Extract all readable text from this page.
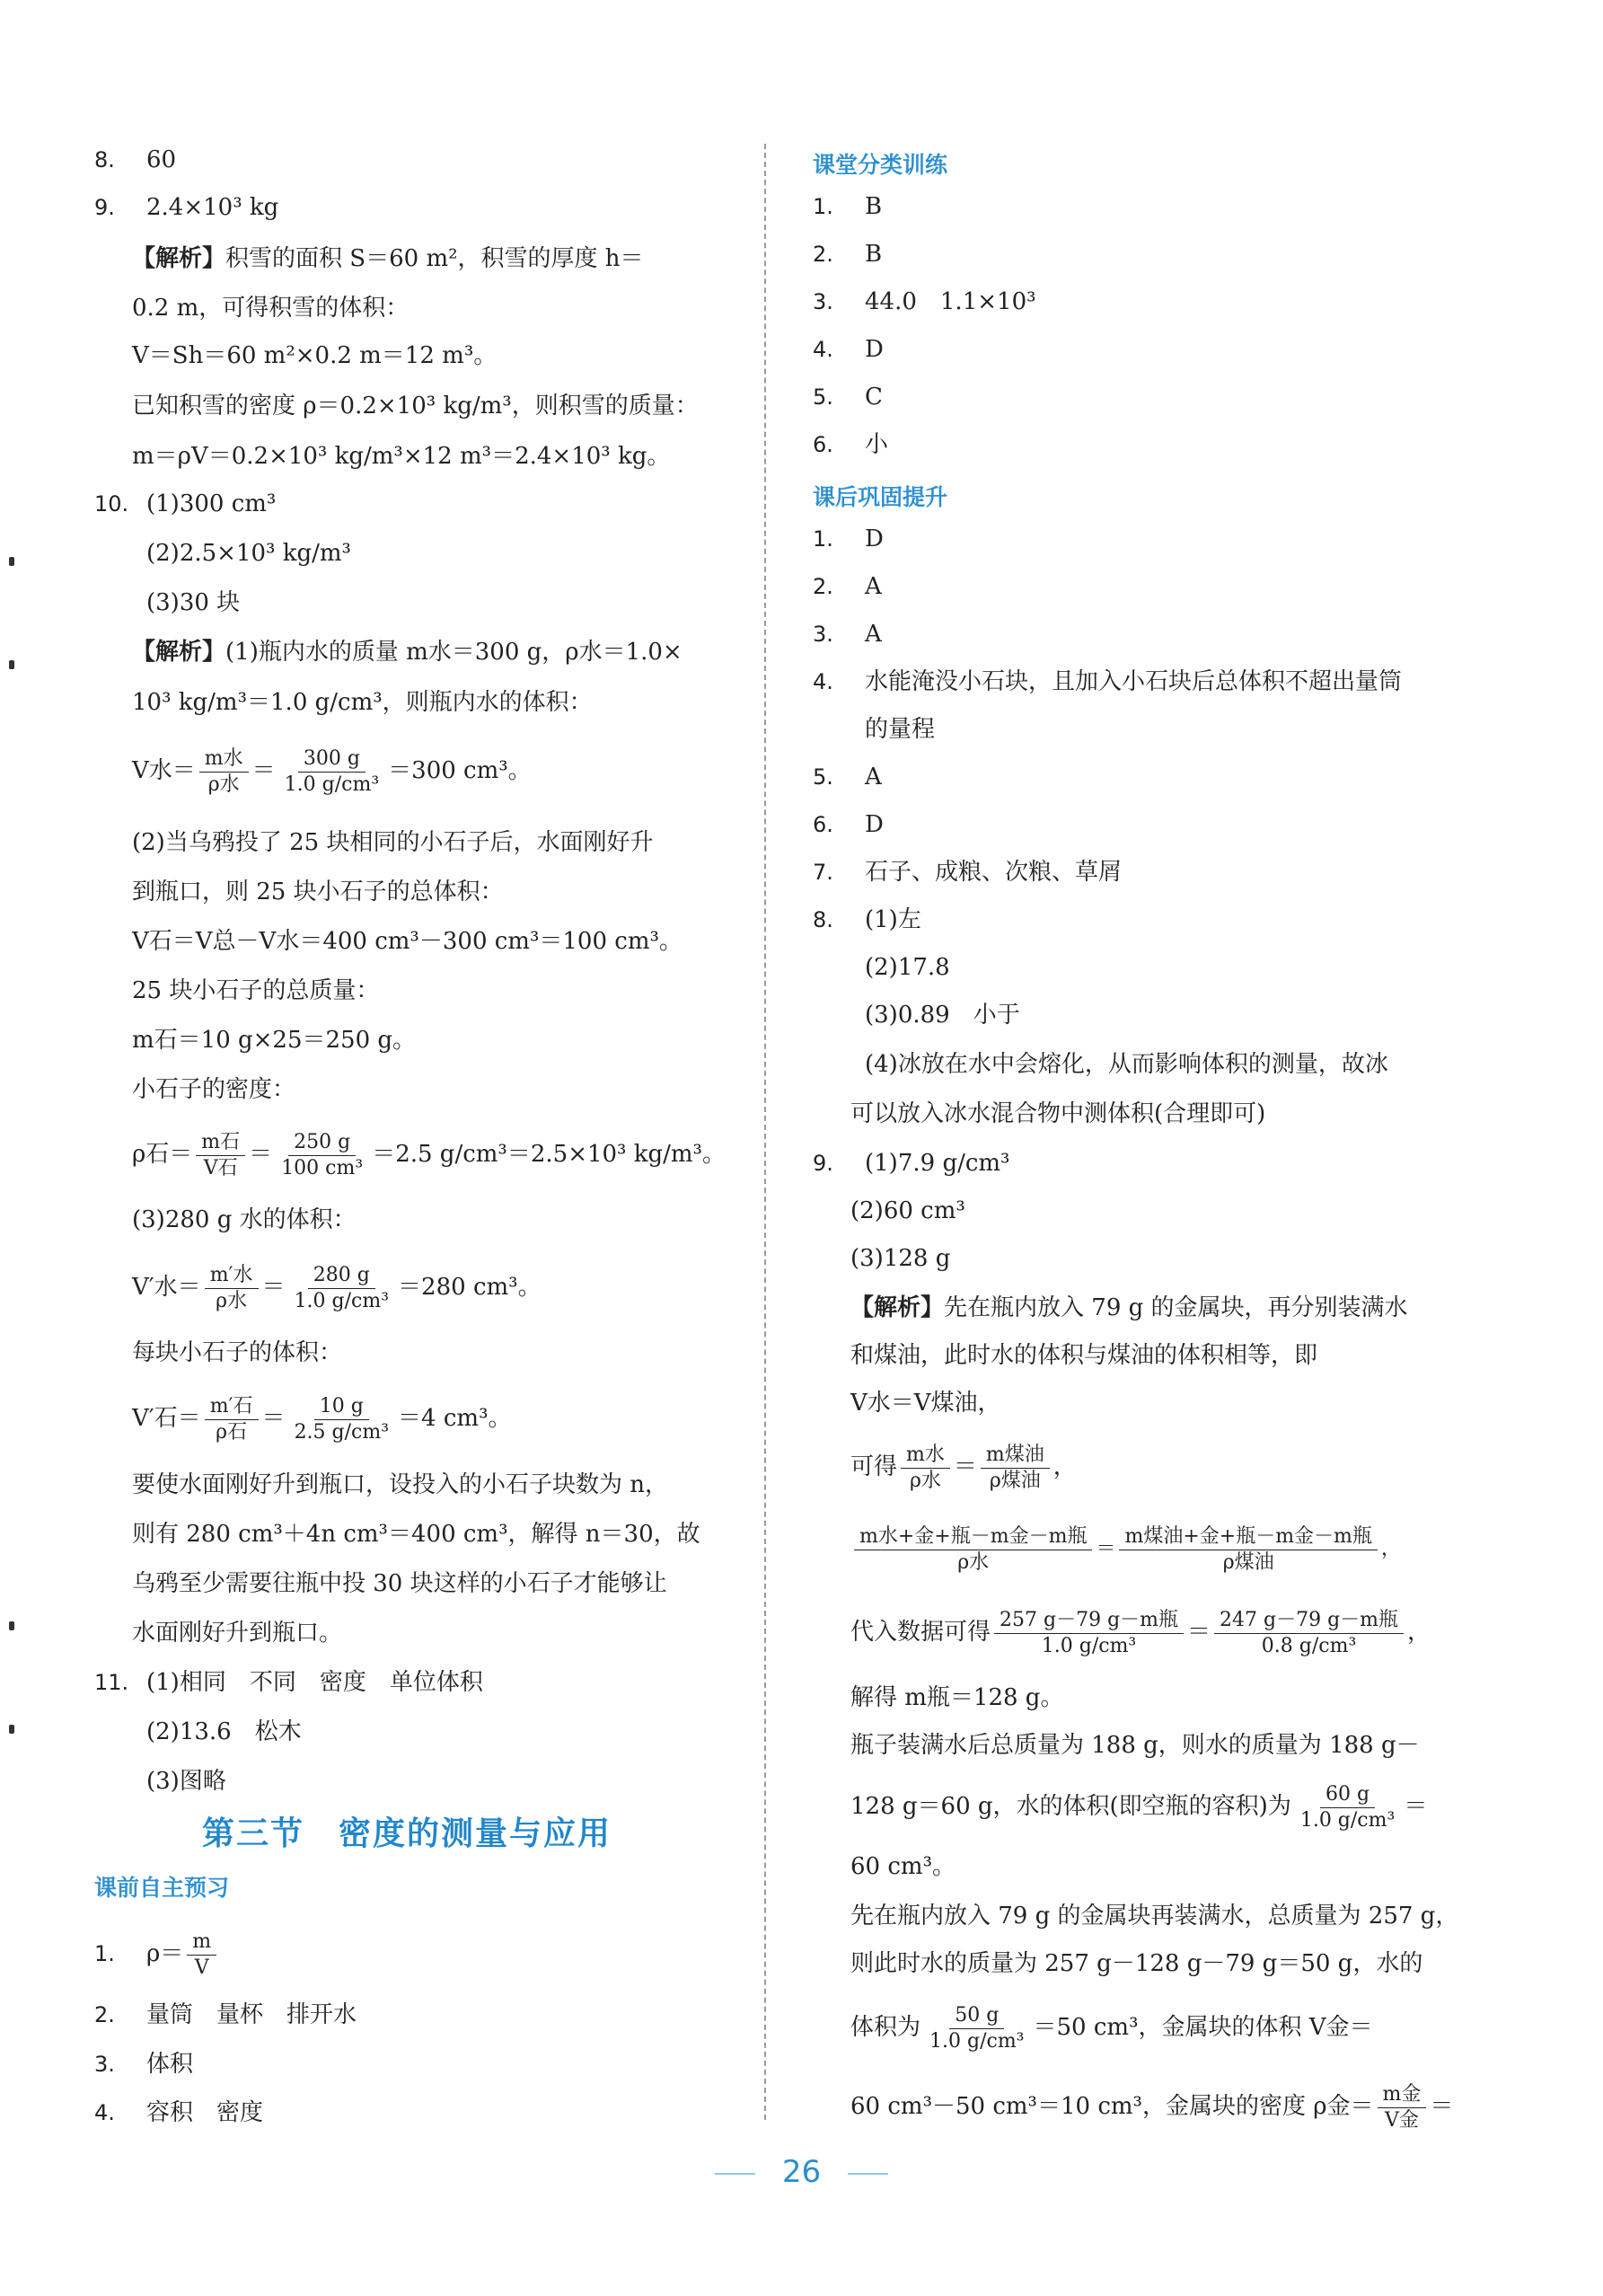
8. 60
9. 2.4×10³ kg
【解析】积雪的面积 S＝60 m²，积雪的厚度 h＝
0.2 m，可得积雪的体积：
V＝Sh＝60 m²×0.2 m＝12 m³。
已知积雪的密度 ρ＝0.2×10³ kg/m³，则积雪的质量：
m＝ρV＝0.2×10³ kg/m³×12 m³＝2.4×10³ kg。
10. (1)300 cm³
(2)2.5×10³ kg/m³
(3)30 块
【解析】(1)瓶内水的质量 m水＝300 g，ρ水＝1.0×
10³ kg/m³＝1.0 g/cm³，则瓶内水的体积：
V水＝ $\frac{\text{m水}}{\text{ρ水}} = \frac{300 g}{\text{1.0 g/cm³}} =300$ cm³。
(2)当乌鸦投了 25 块相同的小石子后，水面刚好升
到瓶口，则 25 块小石子的总体积：
V石＝V总－V水＝400 cm³－300 cm³＝100 cm³。
25 块小石子的总质量：
m石＝10 g×25＝250 g。
小石子的密度：
ρ石＝ $\frac{\text{m石}}{\text{V石}} = \frac{250 g}{\text{100 cm³}} =2.5$ g/cm³＝2.5×10³ kg/m³。
(3)280 g 水的体积：
V′水＝ $\frac{\text{m′水}}{\text{ρ水}} = \frac{280 g}{\text{1.0 g/cm³}} =280$ cm³。
每块小石子的体积：
V′石＝ $\frac{\text{m′石}}{\text{ρ石}} = \frac{10 g}{\text{2.5 g/cm³}} =4$ cm³。
要使水面刚好升到瓶口，设投入的小石子块数为 n，
则有 280 cm³＋4n cm³＝400 cm³，解得 n＝30，故
乌鸦至少需要往瓶中投 30 块这样的小石子才能够让
水面刚好升到瓶口。
11. (1)相同　不同　密度　单位体积
(2)13.6　松木
(3)图略
第三节　密度的测量与应用
课前自主预习
1. $\rho= \frac{m}{V}$
2. 量筒　量杯　排开水
3. 体积
4. 容积　密度
课堂分类训练
1. B
2. B
3. 44.0　1.1×10³
4. D
5. C
6. 小
课后巩固提升
1. D
2. A
3. A
4. 水能淹没小石块，且加入小石块后总体积不超出量筒
的量程
5. A
6. D
7. 石子、成粮、次粮、草屑
8. (1)左
(2)17.8
(3)0.89　小于
(4)冰放在水中会熔化，从而影响体积的测量，故冰
可以放入冰水混合物中测体积(合理即可)
9. (1)7.9 g/cm³
(2)60 cm³
(3)128 g
【解析】先在瓶内放入 79 g 的金属块，再分别装满水
和煤油，此时水的体积与煤油的体积相等，即
V水＝V煤油，
可得 $\frac{\text{m水}}{\text{ρ水}} = \frac{\text{m煤油}}{\text{ρ煤油}}$ ，
$\frac{\text{m水+金+瓶－m金－m瓶}}{\text{ρ水}} = \frac{\text{m煤油+金+瓶－m金－m瓶}}{\text{ρ煤油}}$ ，
代入数据可得 $\frac{\text{257 g－79 g－m瓶}}{\text{1.0 g/cm³}} = \frac{\text{247 g－79 g－m瓶}}{\text{0.8 g/cm³}}$ ，
解得 m瓶＝128 g。
瓶子装满水后总质量为 188 g，则水的质量为 188 g－
128 g＝60 g，水的体积(即空瓶的容积)为 $\frac{60 g}{\text{1.0 g/cm³}}$ ＝
60 cm³。
先在瓶内放入 79 g 的金属块再装满水，总质量为 257 g，
则此时水的质量为 257 g－128 g－79 g＝50 g，水的
体积为 $\frac{50 g}{\text{1.0 g/cm³}} =50$ cm³，金属块的体积 V金＝
60 cm³－50 cm³＝10 cm³，金属块的密度 ρ金＝ $\frac{\text{m金}}{\text{V金}}$ ＝
26
